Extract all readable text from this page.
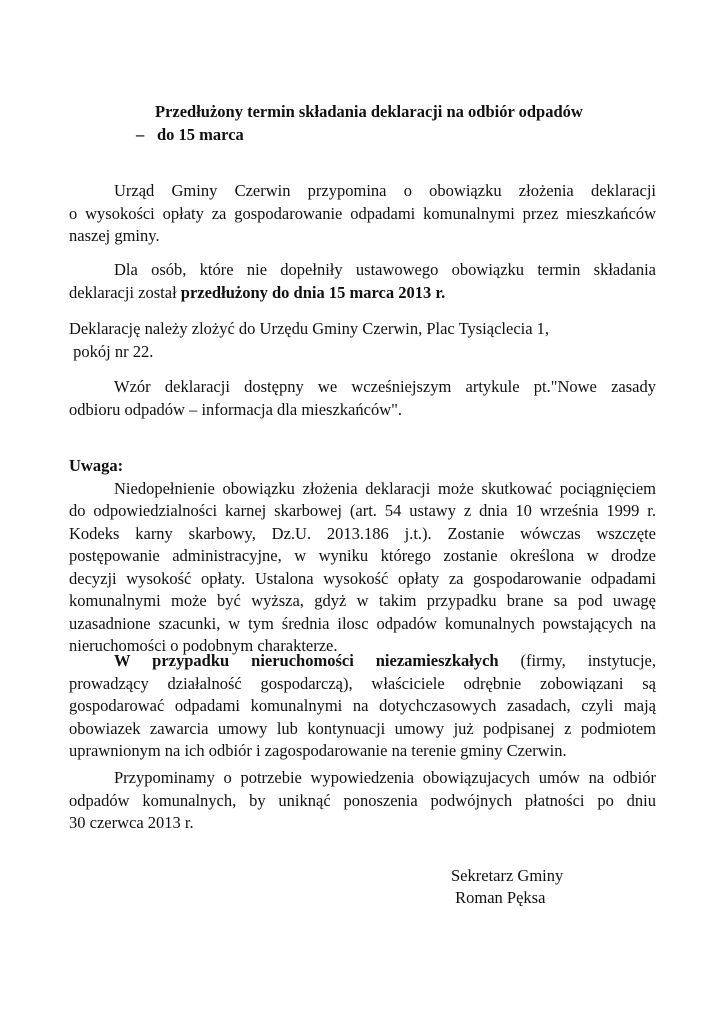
Przedłużony termin składania deklaracji na odbiór odpadów
– do 15 marca
Urząd Gminy Czerwin przypomina o obowiązku złożenia deklaracji
o wysokości opłaty za gospodarowanie odpadami komunalnymi przez mieszkańców
naszej gminy.
Dla osób, które nie dopełniły ustawowego obowiązku termin składania
deklaracji został przedłużony do dnia 15 marca 2013 r.
Deklarację należy zlożyć do Urzędu Gminy Czerwin, Plac Tysiąclecia 1,
pokój nr 22.
Wzór deklaracji dostępny we wcześniejszym artykule pt."Nowe zasady
odbioru odpadów – informacja dla mieszkańców".
Uwaga:
Niedopełnienie obowiązku złożenia deklaracji może skutkować pociągnięciem
do odpowiedzialności karnej skarbowej (art. 54 ustawy z dnia 10 września 1999 r.
Kodeks karny skarbowy, Dz.U. 2013.186 j.t.). Zostanie wówczas wszczęte
postępowanie administracyjne, w wyniku którego zostanie określona w drodze
decyzji wysokość opłaty. Ustalona wysokość opłaty za gospodarowanie odpadami
komunalnymi może być wyższa, gdyż w takim przypadku brane sa pod uwagę
uzasadnione szacunki, w tym średnia ilosc odpadów komunalnych powstających na
nieruchomości o podobnym charakterze.
W przypadku nieruchomości niezamieszkałych (firmy, instytucje,
prowadzący działalność gospodarczą), właściciele odrębnie zobowiązani są
gospodarować odpadami komunalnymi na dotychczasowych zasadach, czyli mają
obowiazek zawarcia umowy lub kontynuacji umowy już podpisanej z podmiotem
uprawnionym na ich odbiór i zagospodarowanie na terenie gminy Czerwin.
Przypominamy o potrzebie wypowiedzenia obowiązujacych umów na odbiór
odpadów komunalnych, by uniknąć ponoszenia podwójnych płatności po dniu
30 czerwca 2013 r.
Sekretarz Gminy
Roman Pęksa
